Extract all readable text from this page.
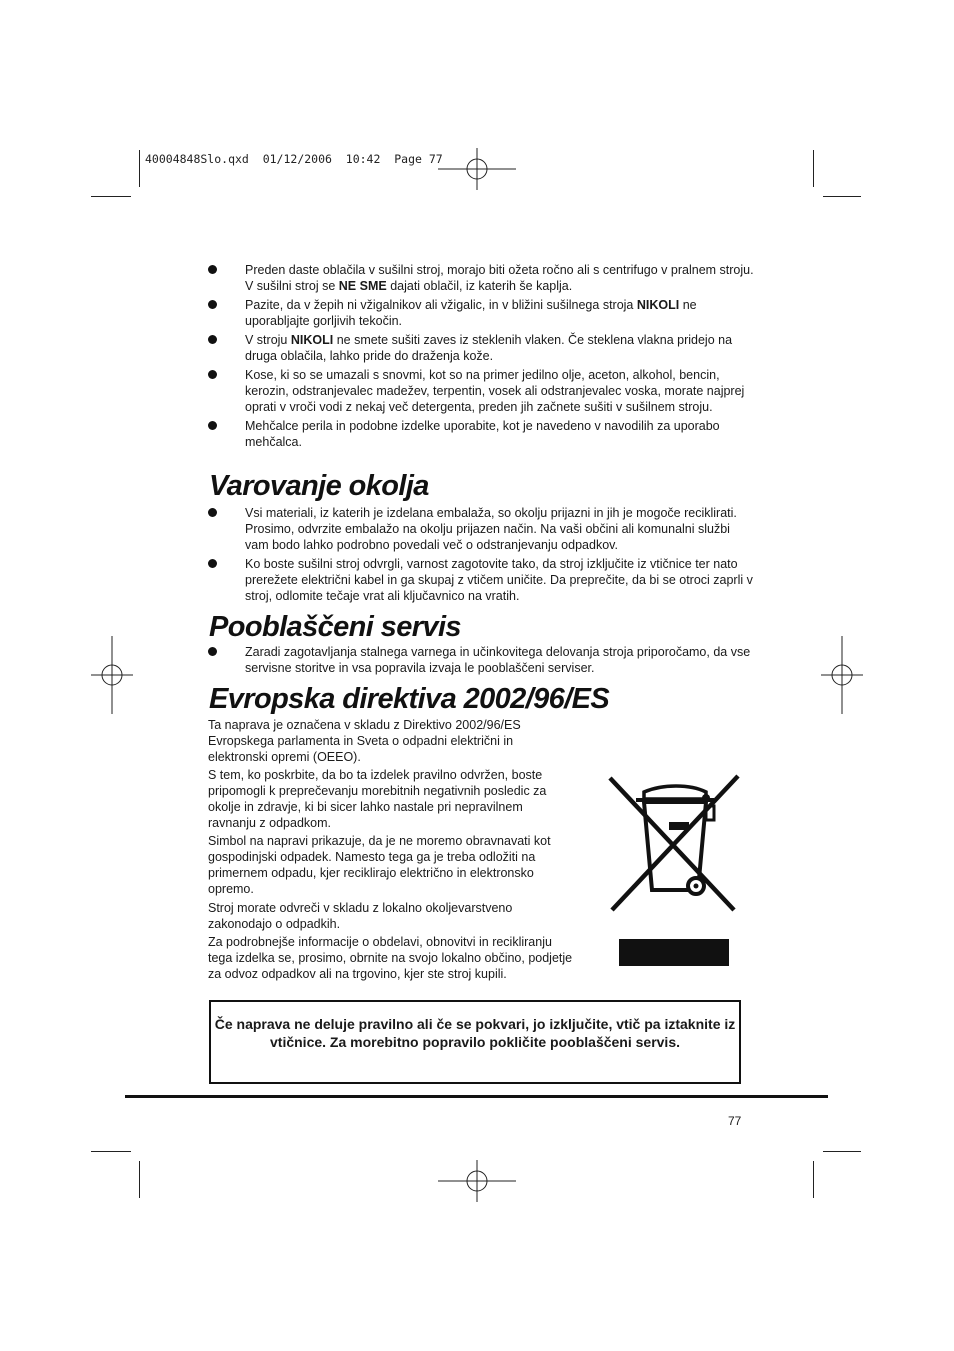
40004848Slo.qxd  01/12/2006  10:42  Page 77
Preden daste oblačila v sušilni stroj, morajo biti ožeta ročno ali s centrifugo v pralnem stroju. V sušilni stroj se NE SME dajati oblačil, iz katerih še kaplja.
Pazite, da v žepih ni vžigalnikov ali vžigalic, in v bližini sušilnega stroja NIKOLI ne uporabljajte gorljivih tekočin.
V stroju NIKOLI ne smete sušiti zaves iz steklenih vlaken. Če steklena vlakna pridejo na druga oblačila, lahko pride do draženja kože.
Kose, ki so se umazali s snovmi, kot so na primer jedilno olje, aceton, alkohol, bencin, kerozin, odstranjevalec madežev, terpentin, vosek ali odstranjevalec voska, morate najprej oprati v vroči vodi z nekaj več detergenta, preden jih začnete sušiti v sušilnem stroju.
Mehčalce perila in podobne izdelke uporabite, kot je navedeno v navodilih za uporabo mehčalca.
Varovanje okolja
Vsi materiali, iz katerih je izdelana embalaža, so okolju prijazni in jih je mogoče reciklirati. Prosimo, odvrzite embalažo na okolju prijazen način. Na vaši občini ali komunalni službi vam bodo lahko podrobno povedali več o odstranjevanju odpadkov.
Ko boste sušilni stroj odvrgli, varnost zagotovite tako, da stroj izključite iz vtičnice ter nato prerežete električni kabel in ga skupaj z vtičem uničite. Da preprečite, da bi se otroci zaprli v stroj, odlomite tečaje vrat ali ključavnico na vratih.
Pooblaščeni servis
Zaradi zagotavljanja stalnega varnega in učinkovitega delovanja stroja priporočamo, da vse servisne storitve in vsa popravila izvaja le pooblaščeni serviser.
Evropska direktiva 2002/96/ES

Ta naprava je označena v skladu z Direktivo 2002/96/ES Evropskega parlamenta in Sveta o odpadni električni in elektronski opremi (OEEO).

S tem, ko poskrbite, da bo ta izdelek pravilno odvržen, boste pripomogli k preprečevanju morebitnih negativnih posledic za okolje in zdravje, ki bi sicer lahko nastale pri nepravilnem ravnanju z odpadkom.

Simbol na napravi prikazuje, da je ne moremo obravnavati kot gospodinjski odpadek. Namesto tega ga je treba odložiti na primernem odpadu, kjer reciklirajo električno in elektronsko opremo.

Stroj morate odvreči v skladu z lokalno okoljevarstveno zakonodajo o odpadkih.

Za podrobnejše informacije o obdelavi, obnovitvi in recikliranju tega izdelka se, prosimo, obrnite na svojo lokalno občino, podjetje za odvoz odpadkov ali na trgovino, kjer ste stroj kupili.

Če naprava ne deluje pravilno ali če se pokvari, jo izključite, vtič pa iztaknite iz vtičnice. Za morebitno popravilo pokličite pooblaščeni servis.
77
